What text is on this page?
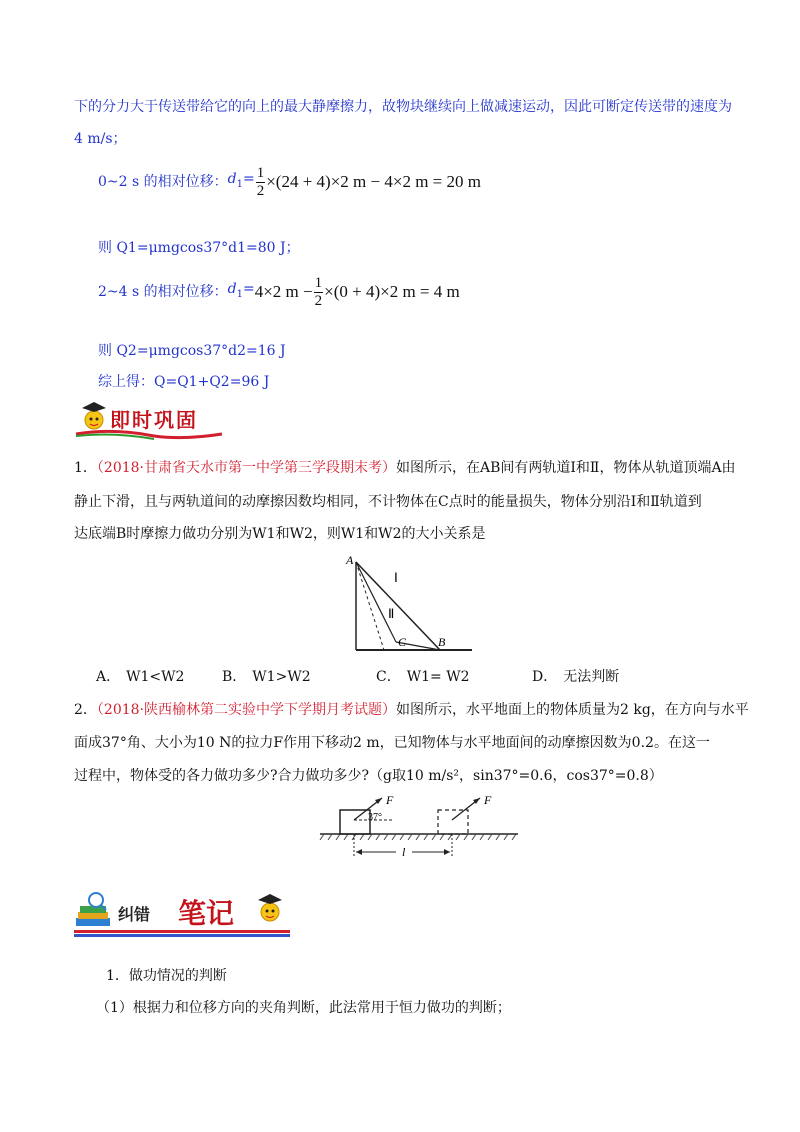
下的分力大于传送带给它的向上的最大静摩擦力，故物块继续向上做减速运动，因此可断定传送带的速度为
4 m/s；
0~2 s 的相对位移： $d_1= \frac{1}{2} \times(24 + 4)\times 2$ m − 4×2 m = 20 m
则 Q1=μmgcos37°d1=80 J；
2~4 s 的相对位移： $d_1= 4\times 2$ $m - \frac{1}{2} \times(0 + 4)\times 2$ m = 4 m
则 Q2=μmgcos37°d2=16 J
综上得：Q=Q1+Q2=96 J
即时巩固
1．（2018·甘肃省天水市第一中学第三学段期末考）如图所示，在AB间有两轨道Ⅰ和Ⅱ，物体从轨道顶端A由
静止下滑，且与两轨道间的动摩擦因数均相同，不计物体在C点时的能量损失，物体分别沿Ⅰ和Ⅱ轨道到
达底端B时摩擦力做功分别为W1和W2，则W1和W2的大小关系是
A
B
C
Ⅰ
Ⅱ
A． W1<W2	B． W1>W2	C． W1= W2	D． 无法判断
2．（2018·陕西榆林第二实验中学下学期月考试题）如图所示，水平地面上的物体质量为2 kg，在方向与水平
面成37°角、大小为10 N的拉力F作用下移动2 m，已知物体与水平地面间的动摩擦因数为0.2。在这一
过程中，物体受的各力做功多少?合力做功多少?（g取10 m/s²，sin37°=0.6，cos37°=0.8）
F
37°
F
l
纠错 笔记
1．做功情况的判断
（1）根据力和位移方向的夹角判断，此法常用于恒力做功的判断；
